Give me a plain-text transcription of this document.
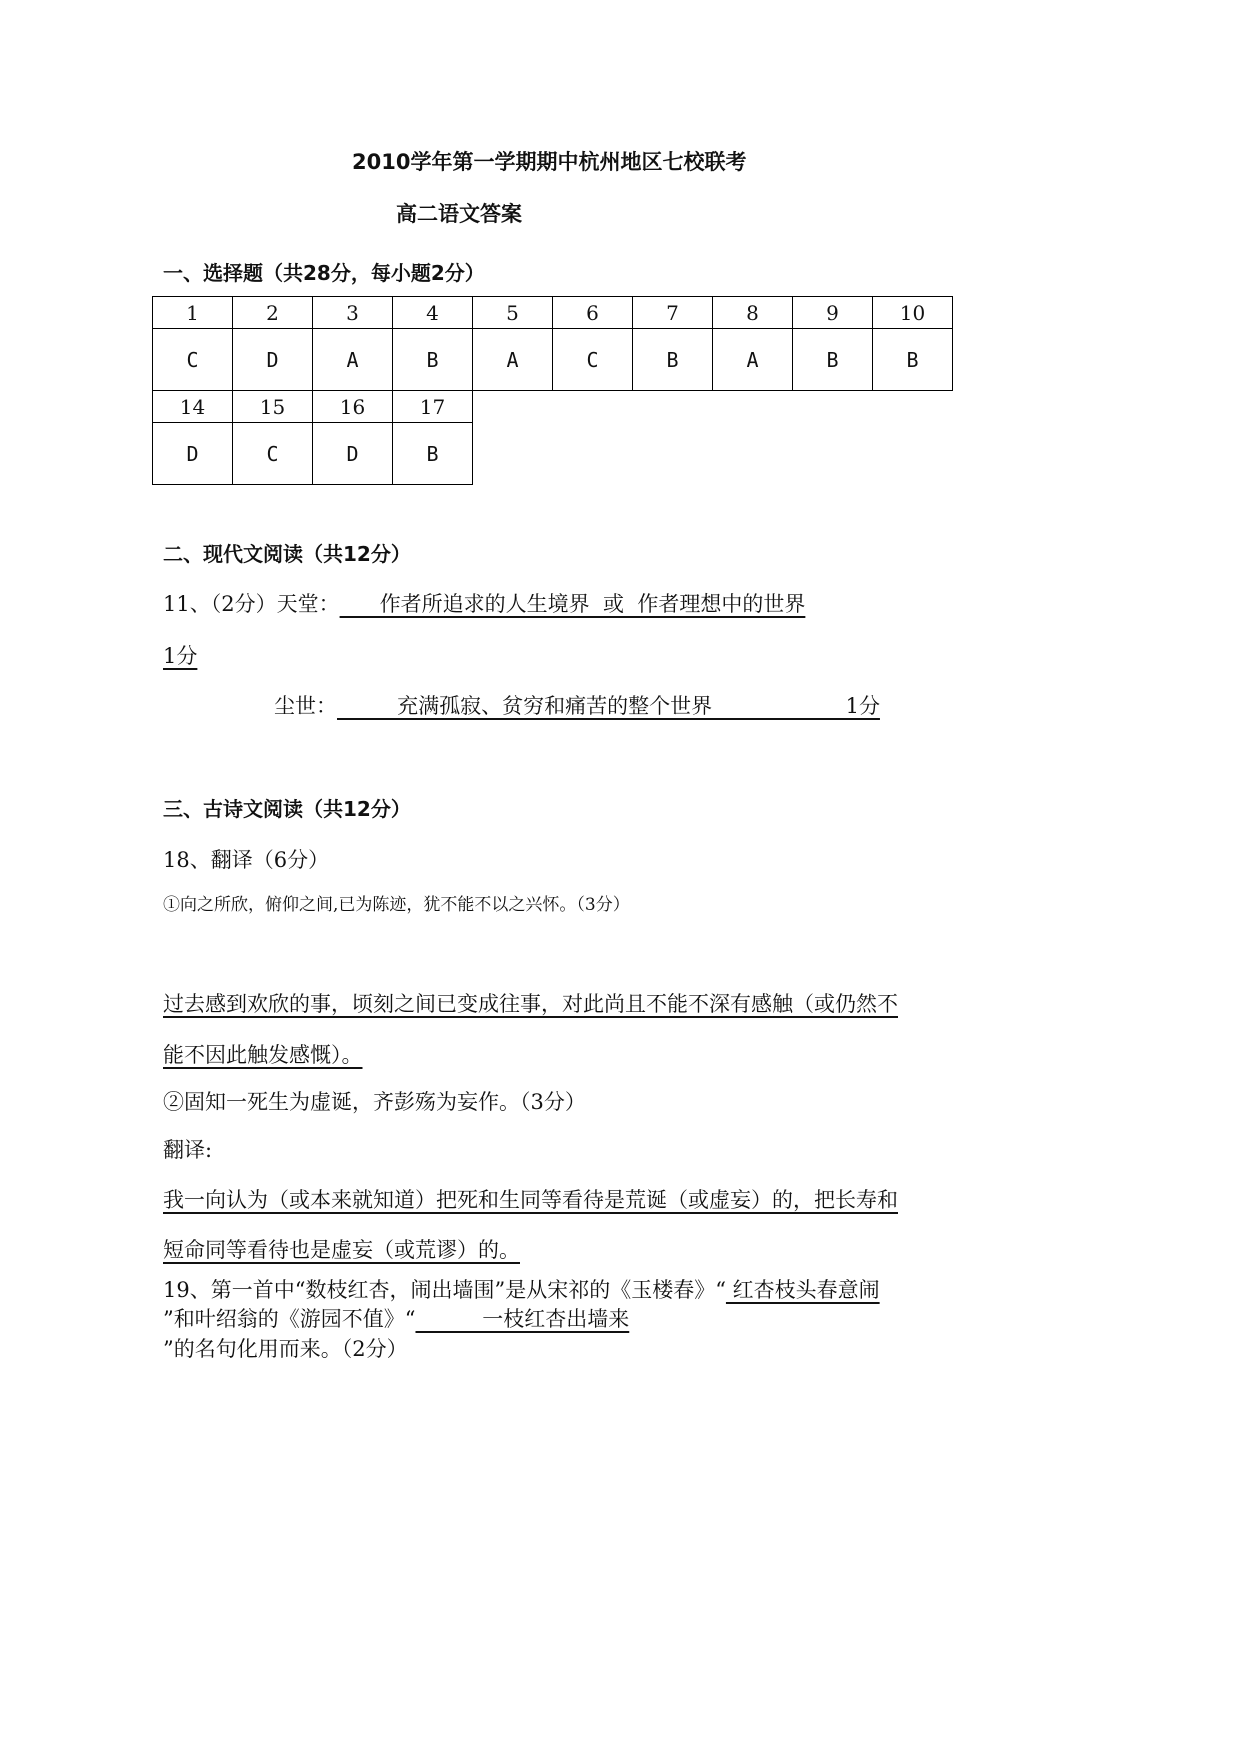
2010学年第一学期期中杭州地区七校联考
高二语文答案
一、选择题（共28分，每小题2分）
1	2	3	4	5	6	7	8	9	10
C	D	A	B	A	C	B	A	B	B
14	15	16	17						
D	C	D	B						
二、现代文阅读（共12分）
11、（2分）天堂：      作者所追求的人生境界  或  作者理想中的世界
1分
尘世：         充满孤寂、贫穷和痛苦的整个世界                    1分
三、古诗文阅读（共12分）
18、翻译（6分）
①向之所欣，俯仰之间,已为陈迹，犹不能不以之兴怀。（3分）
过去感到欢欣的事，顷刻之间已变成往事，对此尚且不能不深有感触（或仍然不
能不因此触发感慨）。
②固知一死生为虚诞，齐彭殇为妄作。（3分）
翻译:
我一向认为（或本来就知道）把死和生同等看待是荒诞（或虚妄）的，把长寿和
短命同等看待也是虚妄（或荒谬）的。
19、第一首中“数枝红杏，闹出墙围”是从宋祁的《玉楼春》“ 红杏枝头春意闹
”和叶绍翁的《游园不值》“          一枝红杏出墙来
”的名句化用而来。（2分）
